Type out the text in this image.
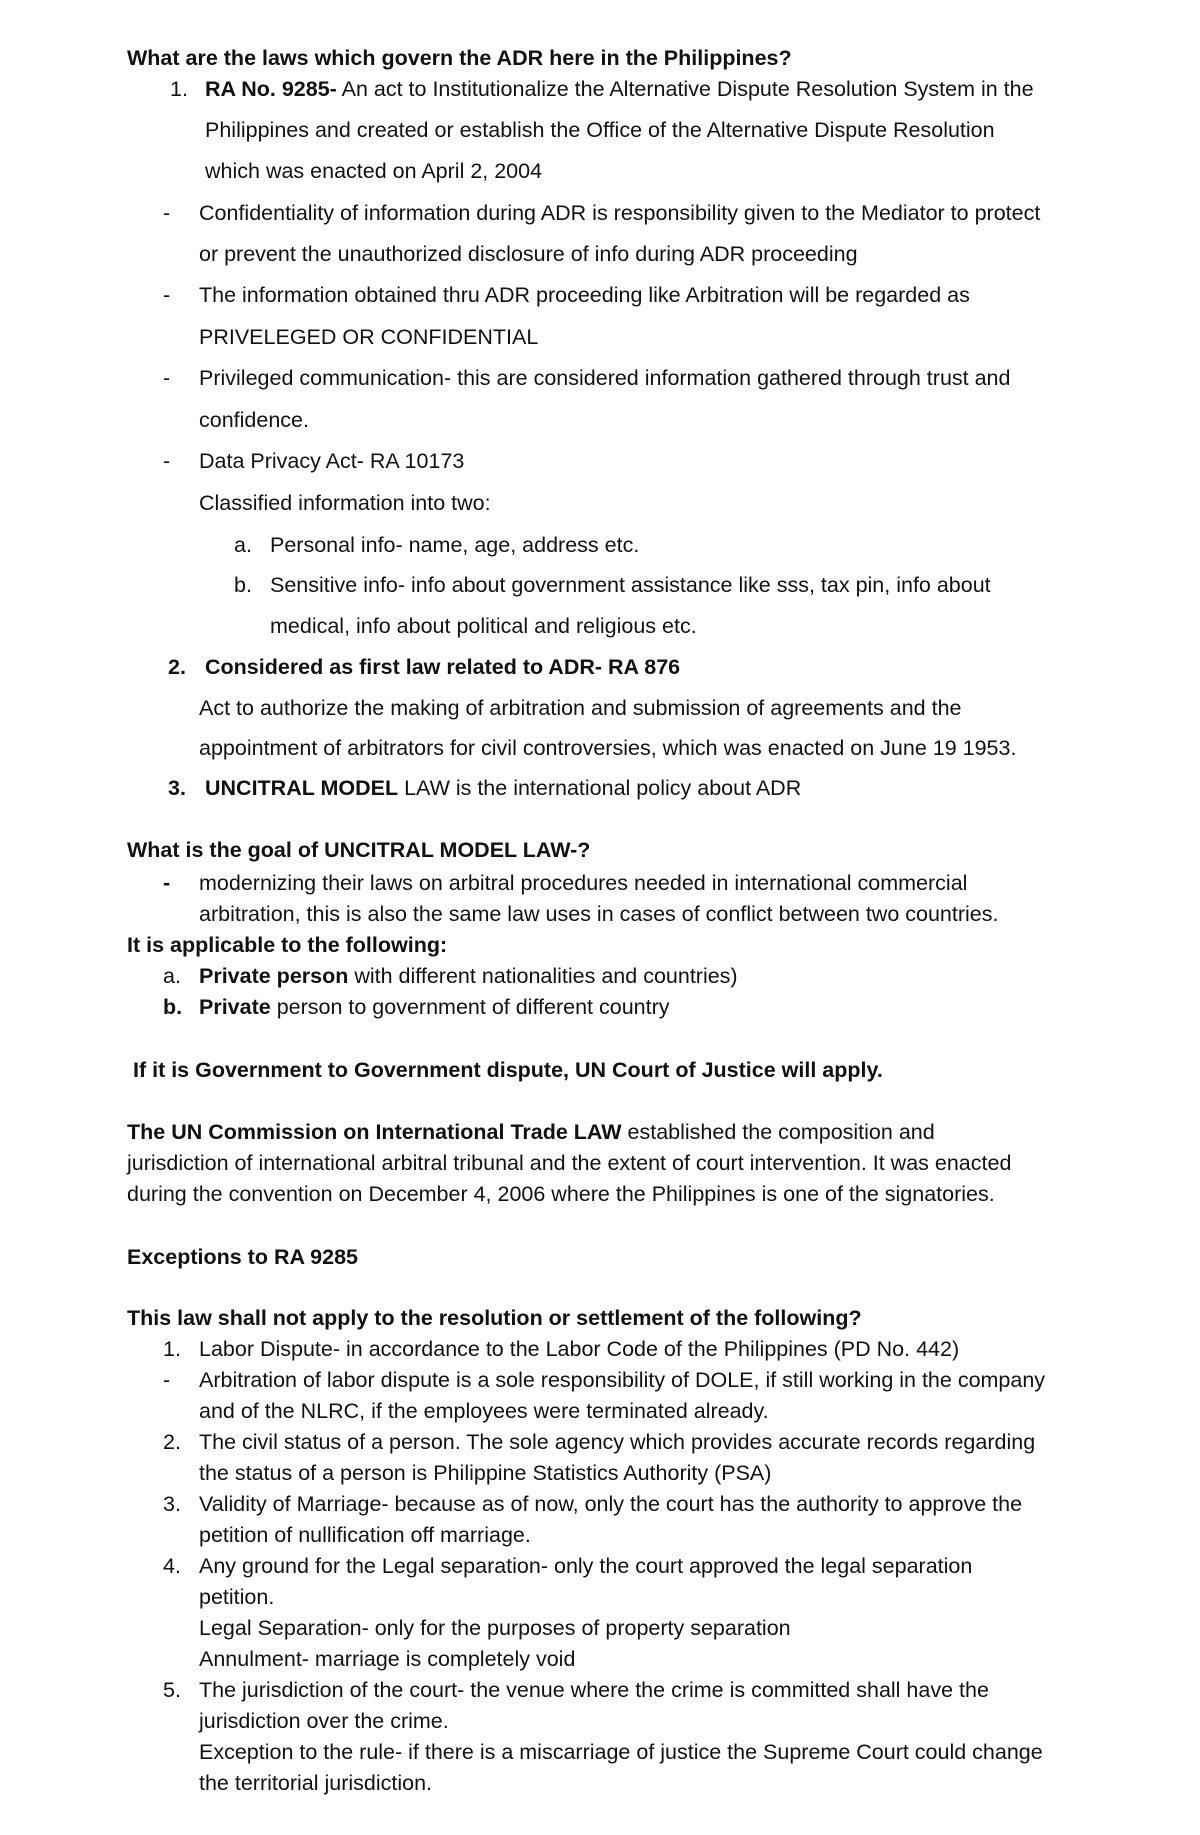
What are the laws which govern the ADR here in the Philippines?
1. RA No. 9285- An act to Institutionalize the Alternative Dispute Resolution System in the
Philippines and created or establish the Office of the Alternative Dispute Resolution
which was enacted on April 2, 2004
- Confidentiality of information during ADR is responsibility given to the Mediator to protect
or prevent the unauthorized disclosure of info during ADR proceeding
- The information obtained thru ADR proceeding like Arbitration will be regarded as
PRIVELEGED OR CONFIDENTIAL
- Privileged communication- this are considered information gathered through trust and
confidence.
- Data Privacy Act- RA 10173
Classified information into two:
a. Personal info- name, age, address etc.
b. Sensitive info- info about government assistance like sss, tax pin, info about
medical, info about political and religious etc.
2. Considered as first law related to ADR- RA 876
Act to authorize the making of arbitration and submission of agreements and the
appointment of arbitrators for civil controversies, which was enacted on June 19 1953.
3. UNCITRAL MODEL LAW is the international policy about ADR
What is the goal of UNCITRAL MODEL LAW-?
- modernizing their laws on arbitral procedures needed in international commercial
arbitration, this is also the same law uses in cases of conflict between two countries.
It is applicable to the following:
a. Private person with different nationalities and countries)
b. Private person to government of different country
If it is Government to Government dispute, UN Court of Justice will apply.
The UN Commission on International Trade LAW established the composition and
jurisdiction of international arbitral tribunal and the extent of court intervention. It was enacted
during the convention on December 4, 2006 where the Philippines is one of the signatories.
Exceptions to RA 9285
This law shall not apply to the resolution or settlement of the following?
1. Labor Dispute- in accordance to the Labor Code of the Philippines (PD No. 442)
- Arbitration of labor dispute is a sole responsibility of DOLE, if still working in the company
and of the NLRC, if the employees were terminated already.
2. The civil status of a person. The sole agency which provides accurate records regarding
the status of a person is Philippine Statistics Authority (PSA)
3. Validity of Marriage- because as of now, only the court has the authority to approve the
petition of nullification off marriage.
4. Any ground for the Legal separation- only the court approved the legal separation
petition.
Legal Separation- only for the purposes of property separation
Annulment- marriage is completely void
5. The jurisdiction of the court- the venue where the crime is committed shall have the
jurisdiction over the crime.
Exception to the rule- if there is a miscarriage of justice the Supreme Court could change
the territorial jurisdiction.
